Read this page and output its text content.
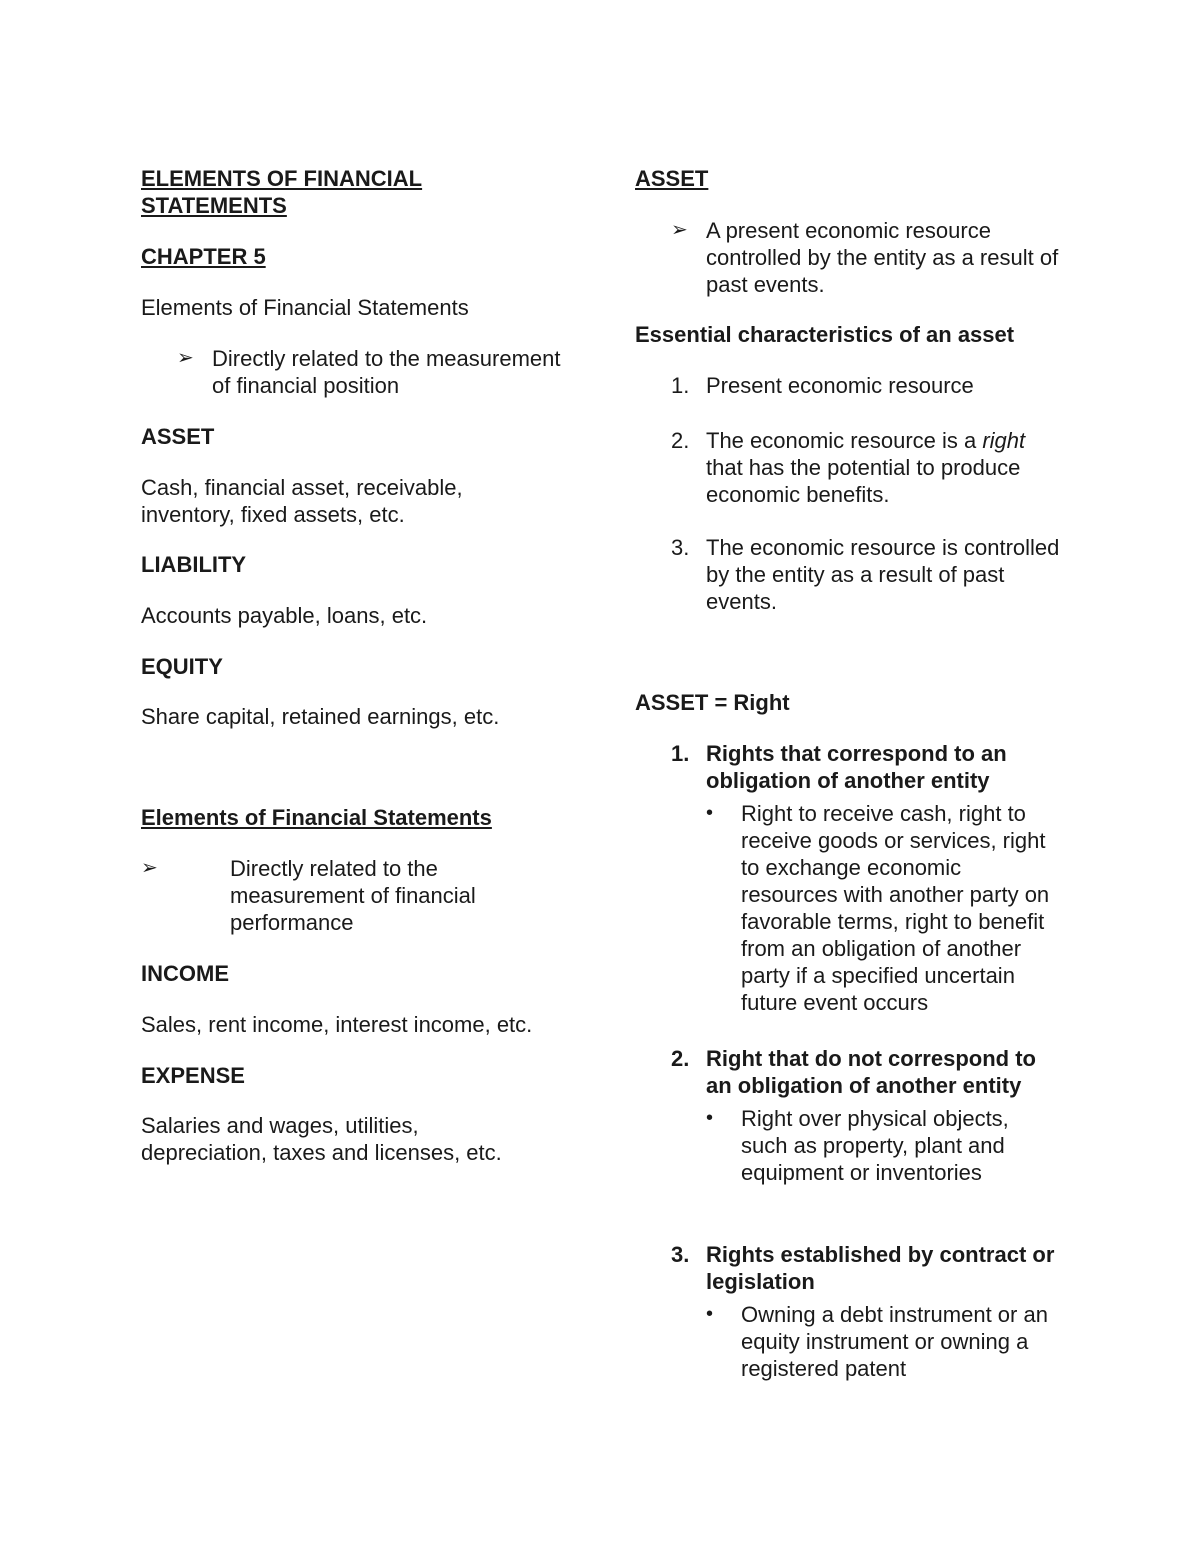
ELEMENTS OF FINANCIAL
STATEMENTS
CHAPTER 5
Elements of Financial Statements
➢ Directly related to the measurement of financial position
ASSET
Cash, financial asset, receivable, inventory, fixed assets, etc.
LIABILITY
Accounts payable, loans, etc.
EQUITY
Share capital, retained earnings, etc.
Elements of Financial Statements
➢	Directly related to the measurement of financial performance
INCOME
Sales, rent income, interest income, etc.
EXPENSE
Salaries and wages, utilities, depreciation, taxes and licenses, etc.
ASSET
➢ A present economic resource controlled by the entity as a result of past events.
Essential characteristics of an asset
1. Present economic resource
2. The economic resource is a right that has the potential to produce economic benefits.
3. The economic resource is controlled by the entity as a result of past events.
ASSET = Right
1. Rights that correspond to an obligation of another entity
• Right to receive cash, right to receive goods or services, right to exchange economic resources with another party on favorable terms, right to benefit from an obligation of another party if a specified uncertain future event occurs
2. Right that do not correspond to an obligation of another entity
• Right over physical objects, such as property, plant and equipment or inventories
3. Rights established by contract or legislation
• Owning a debt instrument or an equity instrument or owning a registered patent
